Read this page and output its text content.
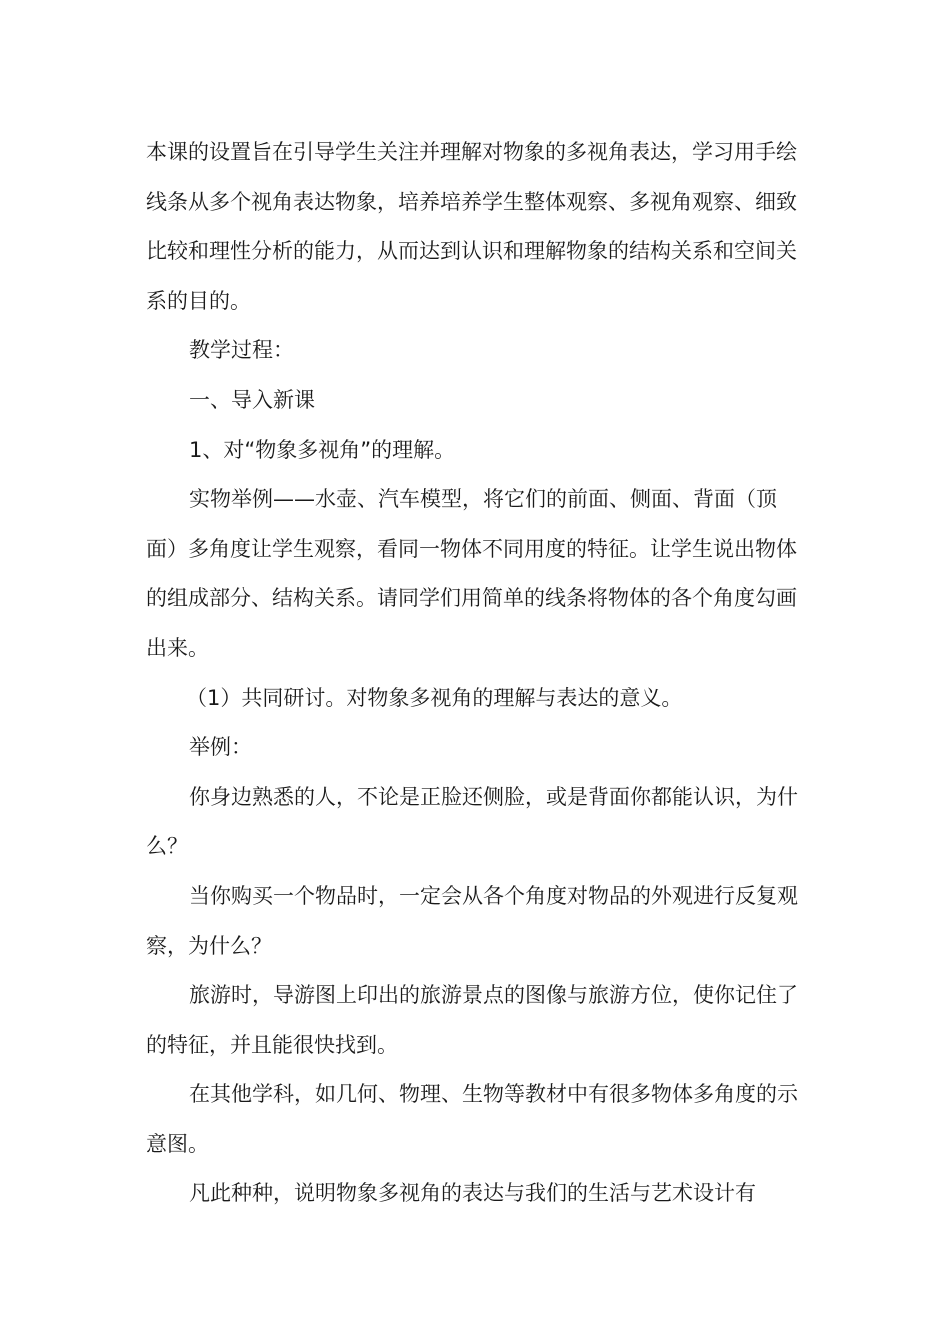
本课的设置旨在引导学生关注并理解对物象的多视角表达，学习用手绘线条从多个视角表达物象，培养培养学生整体观察、多视角观察、细致比较和理性分析的能力，从而达到认识和理解物象的结构关系和空间关系的目的。

教学过程：

一、导入新课

1、对“物象多视角”的理解。

实物举例——水壶、汽车模型，将它们的前面、侧面、背面（顶面）多角度让学生观察，看同一物体不同用度的特征。让学生说出物体的组成部分、结构关系。请同学们用简单的线条将物体的各个角度勾画出来。

（1）共同研讨。对物象多视角的理解与表达的意义。

举例：

你身边熟悉的人，不论是正脸还侧脸，或是背面你都能认识，为什么？

当你购买一个物品时，一定会从各个角度对物品的外观进行反复观察，为什么？

旅游时，导游图上印出的旅游景点的图像与旅游方位，使你记住了的特征，并且能很快找到。

在其他学科，如几何、物理、生物等教材中有很多物体多角度的示意图。

凡此种种，说明物象多视角的表达与我们的生活与艺术设计有
